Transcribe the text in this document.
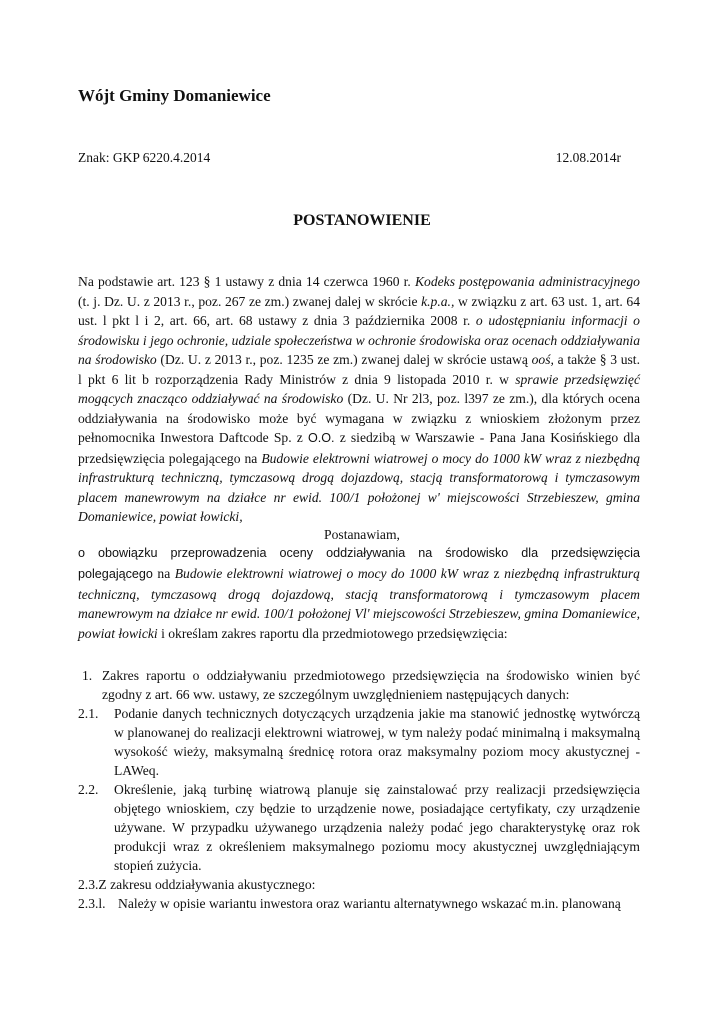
Wójt Gminy Domaniewice
Znak: GKP 6220.4.2014	12.08.2014r
POSTANOWIENIE

Na podstawie art. 123 § 1 ustawy z dnia 14 czerwca 1960 r. Kodeks postępowania administracyjnego (t. j. Dz. U. z 2013 r., poz. 267 ze zm.) zwanej dalej w skrócie k.p.a., w związku z art. 63 ust. 1, art. 64 ust. l pkt l i 2, art. 66, art. 68 ustawy z dnia 3 października 2008 r. o udostępnianiu informacji o środowisku i jego ochronie, udziale społeczeństwa w ochronie środowiska oraz ocenach oddziaływania na środowisko (Dz. U. z 2013 r., poz. 1235 ze zm.) zwanej dalej w skrócie ustawą ooś, a także § 3 ust. l pkt 6 lit b rozporządzenia Rady Ministrów z dnia 9 listopada 2010 r. w sprawie przedsięwzięć mogących znacząco oddziaływać na środowisko (Dz. U. Nr 2l3, poz. l397 ze zm.), dla których ocena oddziaływania na środowisko może być wymagana w związku z wnioskiem złożonym przez pełnomocnika Inwestora Daftcode Sp. z O.O. z siedzibą w Warszawie - Pana Jana Kosińskiego dla przedsięwzięcia polegającego na Budowie elektrowni wiatrowej o mocy do 1000 kW wraz z niezbędną infrastrukturą techniczną, tymczasową drogą dojazdową, stacją transformatorową i tymczasowym placem manewrowym na działce nr ewid. 100/1 położonej w' miejscowości Strzebieszew, gmina Domaniewice, powiat łowicki,

Postanawiam,

o obowiązku przeprowadzenia oceny oddziaływania na środowisko dla przedsięwzięcia polegającego na Budowie elektrowni wiatrowej o mocy do 1000 kW wraz z niezbędną infrastrukturą techniczną, tymczasową drogą dojazdową, stacją transformatorową i tymczasowym placem manewrowym na działce nr ewid. 100/1 położonej Vl' miejscowości Strzebieszew, gmina Domaniewice, powiat łowicki i określam zakres raportu dla przedmiotowego przedsięwzięcia:

1. Zakres raportu o oddziaływaniu przedmiotowego przedsięwzięcia na środowisko winien być zgodny z art. 66 ww. ustawy, ze szczególnym uwzględnieniem następujących danych:
2.1.	Podanie danych technicznych dotyczących urządzenia jakie ma stanowić jednostkę wytwórczą w planowanej do realizacji elektrowni wiatrowej, w tym należy podać minimalną i maksymalną wysokość wieży, maksymalną średnicę rotora oraz maksymalny poziom mocy akustycznej - LAWeq.
2.2.	Określenie, jaką turbinę wiatrową planuje się zainstalować przy realizacji przedsięwzięcia objętego wnioskiem, czy będzie to urządzenie nowe, posiadające certyfikaty, czy urządzenie używane. W przypadku używanego urządzenia należy podać jego charakterystykę oraz rok produkcji wraz z określeniem maksymalnego poziomu mocy akustycznej uwzględniającym stopień zużycia.
2.3. Z zakresu oddziaływania akustycznego:
2.3.l. Należy w opisie wariantu inwestora oraz wariantu alternatywnego wskazać m.in. planowaną
